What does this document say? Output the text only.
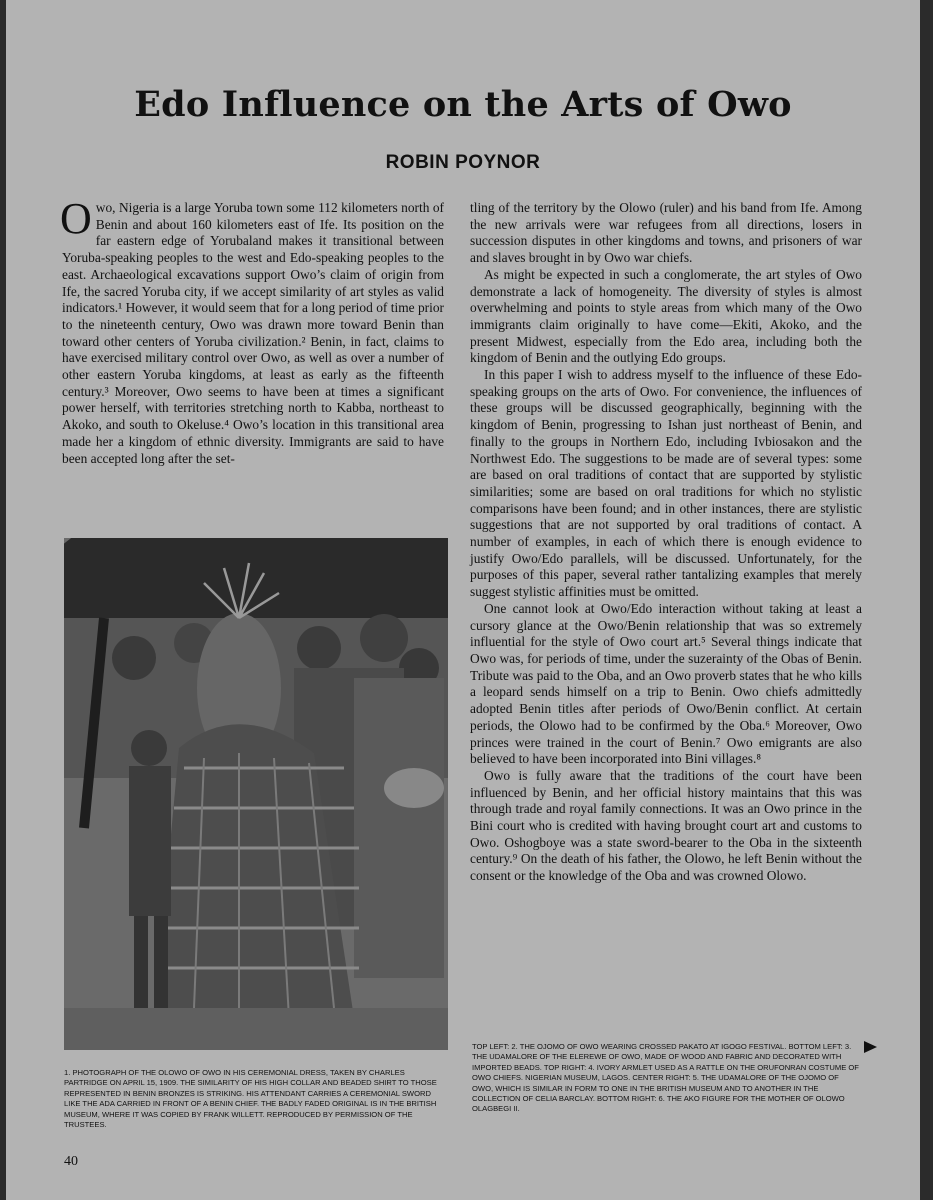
Edo Influence on the Arts of Owo
ROBIN POYNOR

Owo, Nigeria is a large Yoruba town some 112 kilometers north of Benin and about 160 kilometers east of Ife. Its position on the far eastern edge of Yorubaland makes it transitional between Yoruba-speaking peoples to the west and Edo-speaking peoples to the east. Archaeological excavations support Owo’s claim of origin from Ife, the sacred Yoruba city, if we accept similarity of art styles as valid indicators.¹ However, it would seem that for a long period of time prior to the nineteenth century, Owo was drawn more toward Benin than toward other centers of Yoruba civilization.² Benin, in fact, claims to have exercised military control over Owo, as well as over a number of other eastern Yoruba kingdoms, at least as early as the fifteenth century.³ Moreover, Owo seems to have been at times a significant power herself, with territories stretching north to Kabba, northeast to Akoko, and south to Okeluse.⁴ Owo’s location in this transitional area made her a kingdom of ethnic diversity. Immigrants are said to have been accepted long after the set-

tling of the territory by the Olowo (ruler) and his band from Ife. Among the new arrivals were war refugees from all directions, losers in succession disputes in other kingdoms and towns, and prisoners of war and slaves brought in by Owo war chiefs.

As might be expected in such a conglomerate, the art styles of Owo demonstrate a lack of homogeneity. The diversity of styles is almost overwhelming and points to style areas from which many of the Owo immigrants claim originally to have come—Ekiti, Akoko, and the present Midwest, especially from the Edo area, including both the kingdom of Benin and the outlying Edo groups.

In this paper I wish to address myself to the influence of these Edo-speaking groups on the arts of Owo. For convenience, the influences of these groups will be discussed geographically, beginning with the kingdom of Benin, progressing to Ishan just northeast of Benin, and finally to the groups in Northern Edo, including Ivbiosakon and the Northwest Edo. The suggestions to be made are of several types: some are based on oral traditions of contact that are supported by stylistic similarities; some are based on oral traditions for which no stylistic comparisons have been found; and in other instances, there are stylistic suggestions that are not supported by oral traditions of contact. A number of examples, in each of which there is enough evidence to justify Owo/Edo parallels, will be discussed. Unfortunately, for the purposes of this paper, several rather tantalizing examples that merely suggest stylistic affinities must be omitted.

One cannot look at Owo/Edo interaction without taking at least a cursory glance at the Owo/Benin relationship that was so extremely influential for the style of Owo court art.⁵ Several things indicate that Owo was, for periods of time, under the suzerainty of the Obas of Benin. Tribute was paid to the Oba, and an Owo proverb states that he who kills a leopard sends himself on a trip to Benin. Owo chiefs admittedly adopted Benin titles after periods of Owo/Benin conflict. At certain periods, the Olowo had to be confirmed by the Oba.⁶ Moreover, Owo princes were trained in the court of Benin.⁷ Owo emigrants are also believed to have been incorporated into Bini villages.⁸

Owo is fully aware that the traditions of the court have been influenced by Benin, and her official history maintains that this was through trade and royal family connections. It was an Owo prince in the Bini court who is credited with having brought court art and customs to Owo. Oshogboye was a state sword-bearer to the Oba in the sixteenth century.⁹ On the death of his father, the Olowo, he left Benin without the consent or the knowledge of the Oba and was crowned Olowo.

1. PHOTOGRAPH OF THE OLOWO OF OWO IN HIS CEREMONIAL DRESS, TAKEN BY CHARLES PARTRIDGE ON APRIL 15, 1909. THE SIMILARITY OF HIS HIGH COLLAR AND BEADED SHIRT TO THOSE REPRESENTED IN BENIN BRONZES IS STRIKING. HIS ATTENDANT CARRIES A CEREMONIAL SWORD LIKE THE ADA CARRIED IN FRONT OF A BENIN CHIEF. THE BADLY FADED ORIGINAL IS IN THE BRITISH MUSEUM, WHERE IT WAS COPIED BY FRANK WILLETT. REPRODUCED BY PERMISSION OF THE TRUSTEES.

TOP LEFT: 2. THE OJOMO OF OWO WEARING CROSSED PAKATO AT IGOGO FESTIVAL. BOTTOM LEFT: 3. THE UDAMALORE OF THE ELEREWE OF OWO, MADE OF WOOD AND FABRIC AND DECORATED WITH IMPORTED BEADS. TOP RIGHT: 4. IVORY ARMLET USED AS A RATTLE ON THE ORUFONRAN COSTUME OF OWO CHIEFS. NIGERIAN MUSEUM, LAGOS. CENTER RIGHT: 5. THE UDAMALORE OF THE OJOMO OF OWO, WHICH IS SIMILAR IN FORM TO ONE IN THE BRITISH MUSEUM AND TO ANOTHER IN THE COLLECTION OF CELIA BARCLAY. BOTTOM RIGHT: 6. THE AKO FIGURE FOR THE MOTHER OF OLOWO OLAGBEGI II.

40
